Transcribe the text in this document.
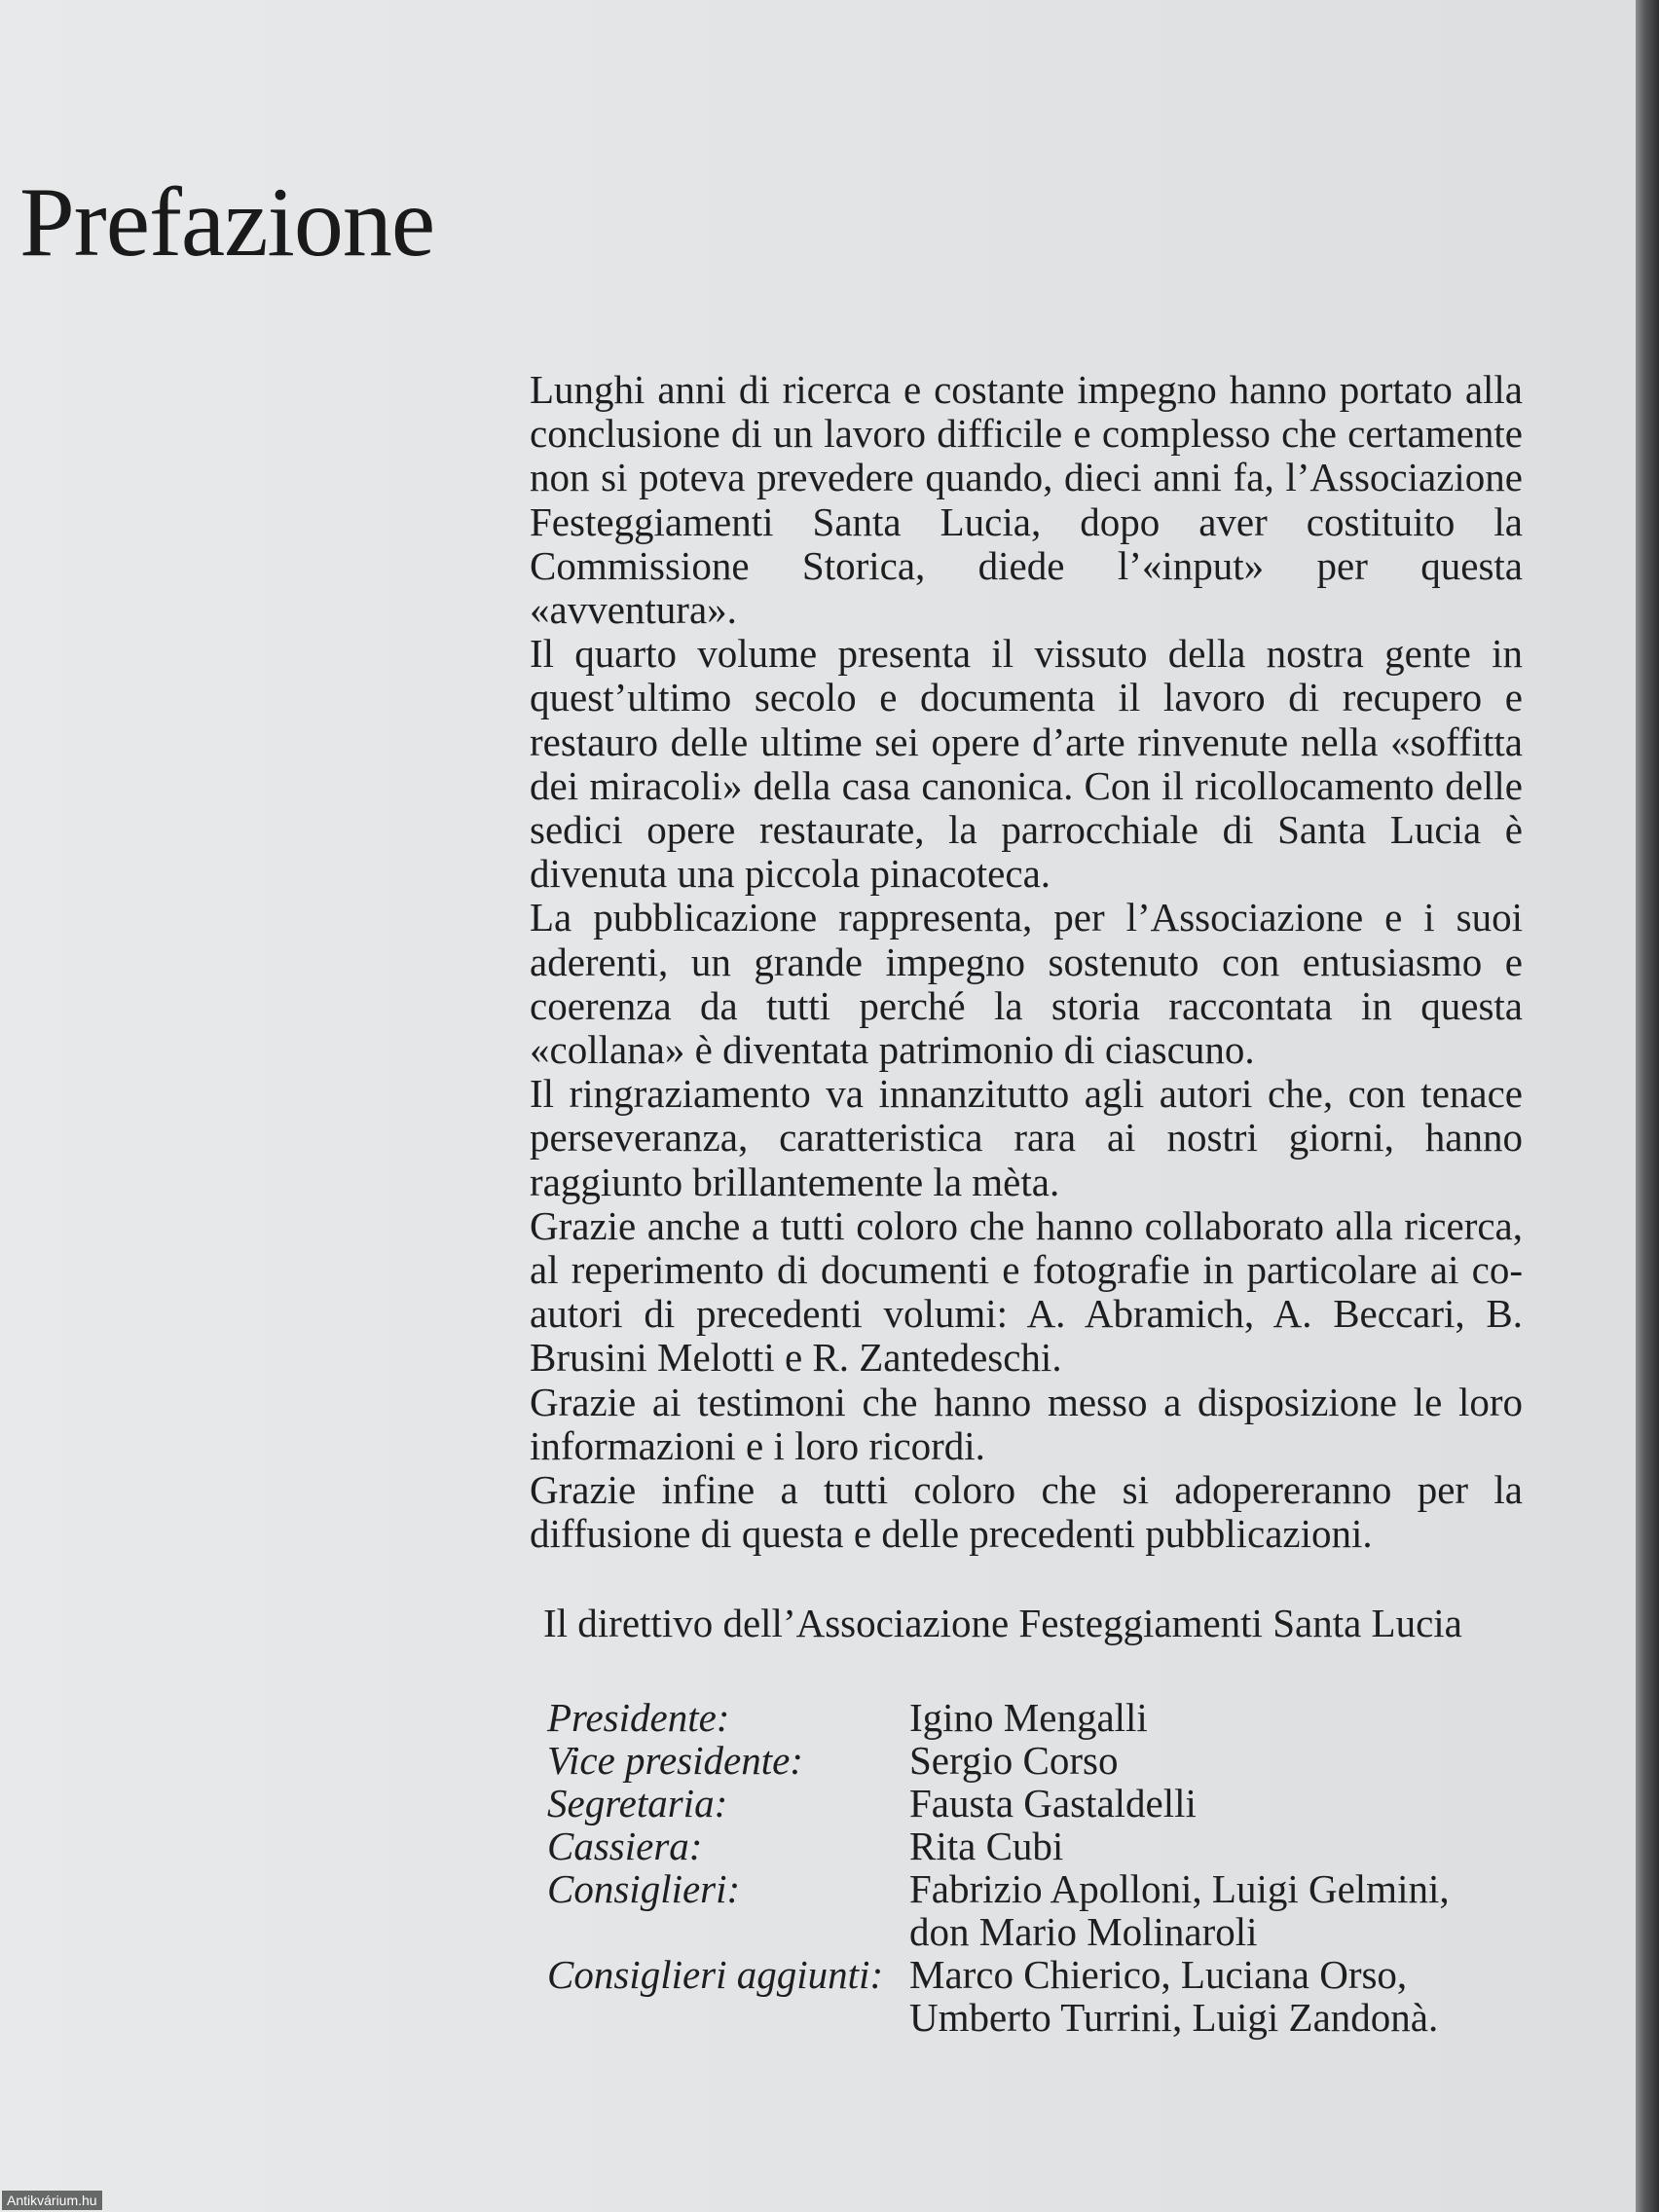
Prefazione

Lunghi anni di ricerca e costante impegno hanno portato alla conclusione di un lavoro difficile e complesso che certamente non si poteva prevedere quando, dieci anni fa, l’Associazione Festeggiamenti Santa Lucia, dopo aver costituito la Commissione Storica, diede l’«input» per questa «avventura».

Il quarto volume presenta il vissuto della nostra gente in quest’ultimo secolo e documenta il lavoro di recupero e restauro delle ultime sei opere d’arte rinvenute nella «soffitta dei miracoli» della casa canonica. Con il ricollocamento delle sedici opere restaurate, la parrocchiale di Santa Lucia è divenuta una piccola pinacoteca.

La pubblicazione rappresenta, per l’Associazione e i suoi aderenti, un grande impegno sostenuto con entusiasmo e coerenza da tutti perché la storia raccontata in questa «collana» è diventata patrimonio di ciascuno.

Il ringraziamento va innanzitutto agli autori che, con tenace perseveranza, caratteristica rara ai nostri giorni, hanno raggiunto brillantemente la mèta.

Grazie anche a tutti coloro che hanno collaborato alla ricerca, al reperimento di documenti e fotografie in particolare ai co-autori di precedenti volumi: A. Abramich, A. Beccari, B. Brusini Melotti e R. Zantedeschi.

Grazie ai testimoni che hanno messo a disposizione le loro informazioni e i loro ricordi.

Grazie infine a tutti coloro che si adopereranno per la diffusione di questa e delle precedenti pubblicazioni.

Il direttivo dell’Associazione Festeggiamenti Santa Lucia

Presidente:	Igino Mengalli
Vice presidente:	Sergio Corso
Segretaria:	Fausta Gastaldelli
Cassiera:	Rita Cubi
Consiglieri:	Fabrizio Apolloni, Luigi Gelmini,
don Mario Molinaroli
Consiglieri aggiunti: Marco Chierico, Luciana Orso,
Umberto Turrini, Luigi Zandonà.
Antikvárium.hu
